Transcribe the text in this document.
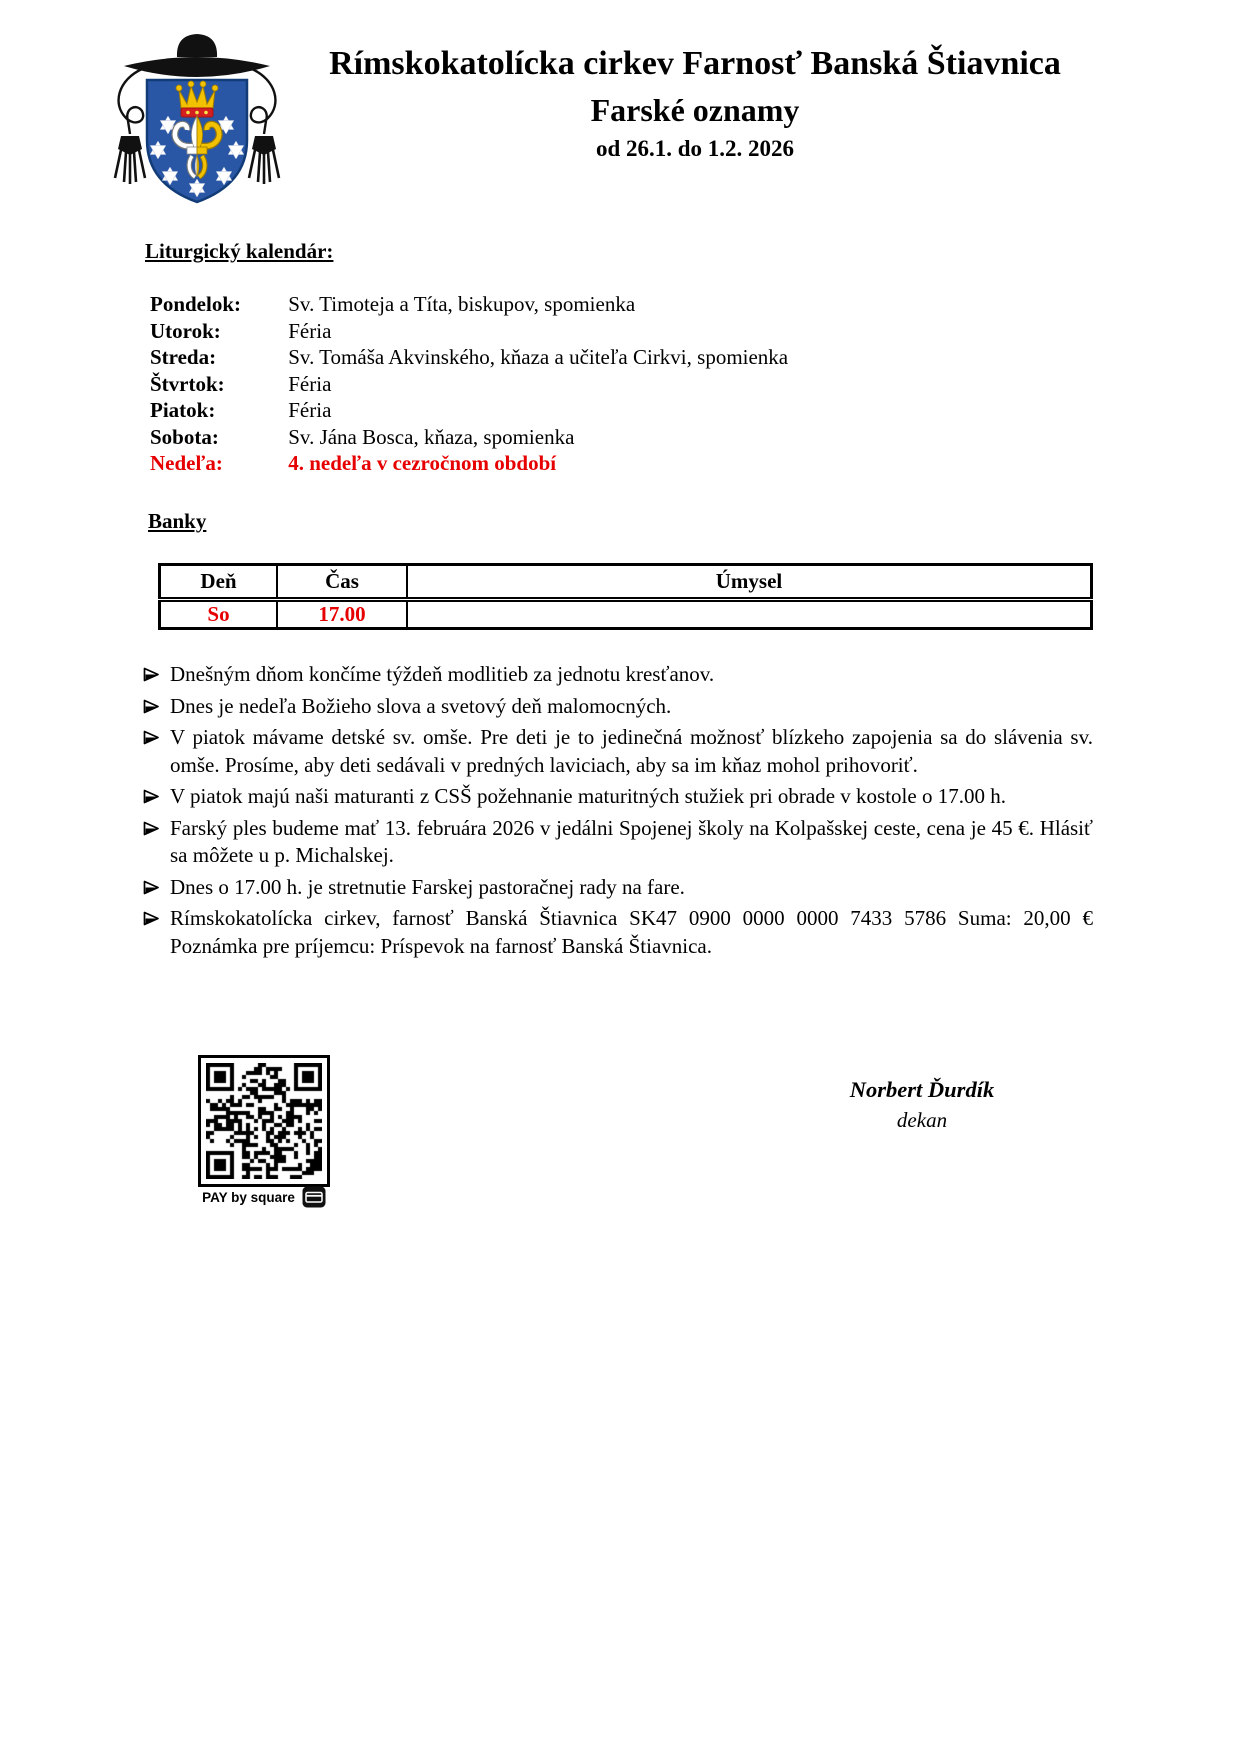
Rímskokatolícka cirkev Farnosť Banská Štiavnica
Farské oznamy
od 26.1. do 1.2. 2026
Liturgický kalendár:
Pondelok: Sv. Timoteja a Títa, biskupov, spomienka
Utorok:	Féria
Streda:	Sv. Tomáša Akvinského, kňaza a učiteľa Cirkvi, spomienka
Štvrtok:	Féria
Piatok:	Féria
Sobota:	Sv. Jána Bosca, kňaza, spomienka
Nedeľa:	4. nedeľa v cezročnom období
Banky
Deň	Čas	Úmysel
So	17.00	
Dnešným dňom končíme týždeň modlitieb za jednotu kresťanov.
Dnes je nedeľa Božieho slova a svetový deň malomocných.
V piatok mávame detské sv. omše. Pre deti je to jedinečná možnosť blízkeho zapojenia sa do slávenia sv. omše. Prosíme, aby deti sedávali v predných laviciach, aby sa im kňaz mohol prihovoriť.
V piatok majú naši maturanti z CSŠ požehnanie maturitných stužiek pri obrade v kostole o 17.00 h.
Farský ples budeme mať 13. februára 2026 v jedálni Spojenej školy na Kolpašskej ceste, cena je 45 €. Hlásiť sa môžete u p. Michalskej.
Dnes o 17.00 h. je stretnutie Farskej pastoračnej rady na fare.
Rímskokatolícka cirkev, farnosť Banská Štiavnica SK47 0900 0000 0000 7433 5786 Suma: 20,00 € Poznámka pre príjemcu: Príspevok na farnosť Banská Štiavnica.
PAY by square
Norbert Ďurdík
dekan
